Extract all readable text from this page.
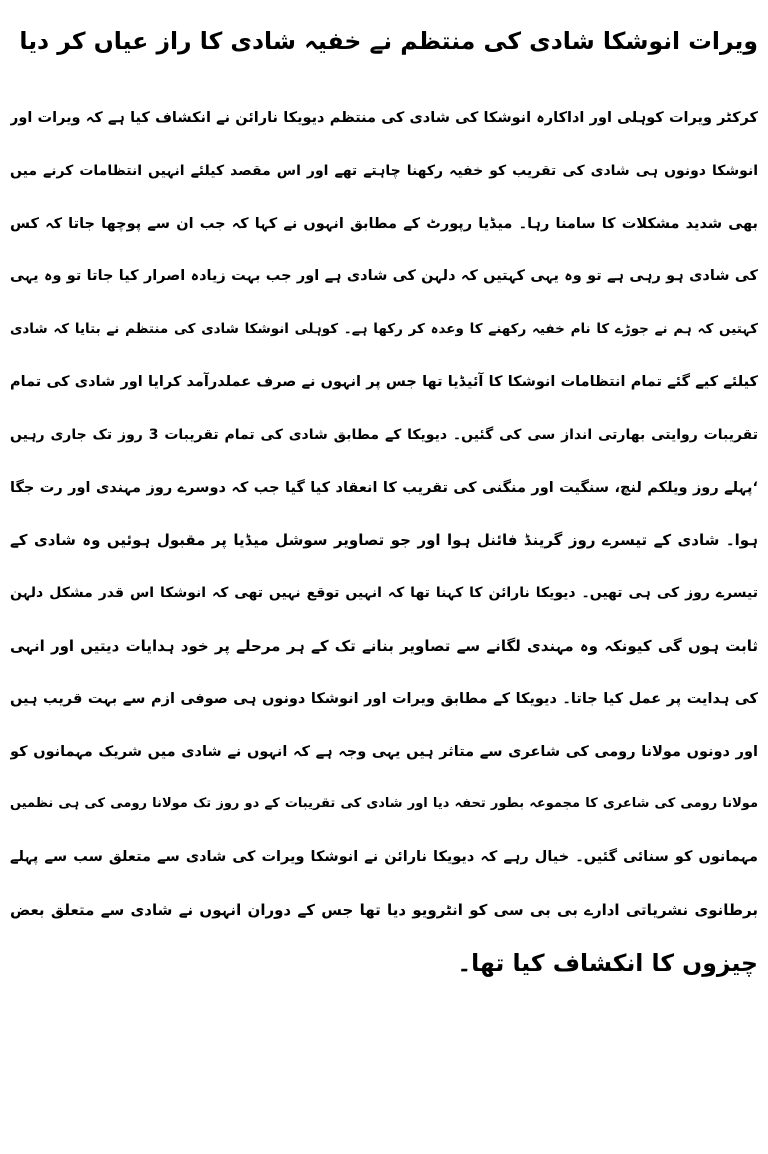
ویرات انوشکا شادی کی منتظم نے خفیہ شادی کا راز عیاں کر دیا
کرکٹر ویرات کوہلی اور اداکارہ انوشکا کی شادی کی منتظم دیویکا نارائن نے انکشاف کیا ہے کہ ویرات اور
انوشکا دونوں ہی شادی کی تقریب کو خفیہ رکھنا چاہتے تھے اور اس مقصد کیلئے انہیں انتظامات کرنے میں
بھی شدید مشکلات کا سامنا رہا۔ میڈیا رپورٹ کے مطابق انہوں نے کہا کہ جب ان سے پوچھا جاتا کہ کس
کی شادی ہو رہی ہے تو وہ یہی کہتیں کہ دلہن کی شادی ہے اور جب بہت زیادہ اصرار کیا جاتا تو وہ یہی
کہتیں کہ ہم نے جوڑے کا نام خفیہ رکھنے کا وعدہ کر رکھا ہے۔ کوہلی انوشکا شادی کی منتظم نے بتایا کہ شادی
کیلئے کیے گئے تمام انتظامات انوشکا کا آئیڈیا تھا جس پر انہوں نے صرف عملدرآمد کرایا اور شادی کی تمام
تقریبات روایتی بھارتی انداز سی کی گئیں۔ دیویکا کے مطابق شادی کی تمام تقریبات 3 روز تک جاری رہیں
‘پہلے روز ویلکم لنچ، سنگیت اور منگنی کی تقریب کا انعقاد کیا گیا جب کہ دوسرے روز مہندی اور رت جگا
ہوا۔ شادی کے تیسرے روز گرینڈ فائنل ہوا اور جو تصاویر سوشل میڈیا پر مقبول ہوئیں وہ شادی کے
تیسرے روز کی ہی تھیں۔ دیویکا نارائن کا کہنا تھا کہ انہیں توقع نہیں تھی کہ انوشکا اس قدر مشکل دلہن
ثابت ہوں گی کیونکہ وہ مہندی لگانے سے تصاویر بنانے تک کے ہر مرحلے پر خود ہدایات دیتیں اور انہی
کی ہدایت پر عمل کیا جاتا۔ دیویکا کے مطابق ویرات اور انوشکا دونوں ہی صوفی ازم سے بہت قریب ہیں
اور دونوں مولانا رومی کی شاعری سے متاثر ہیں یہی وجہ ہے کہ انہوں نے شادی میں شریک مہمانوں کو
مولانا رومی کی شاعری کا مجموعہ بطور تحفہ دیا اور شادی کی تقریبات کے دو روز تک مولانا رومی کی ہی نظمیں
مہمانوں کو سنائی گئیں۔ خیال رہے کہ دیویکا نارائن نے انوشکا ویرات کی شادی سے متعلق سب سے پہلے
برطانوی نشریاتی ادارے بی بی سی کو انٹرویو دیا تھا جس کے دوران انہوں نے شادی سے متعلق بعض
چیزوں کا انکشاف کیا تھا۔
